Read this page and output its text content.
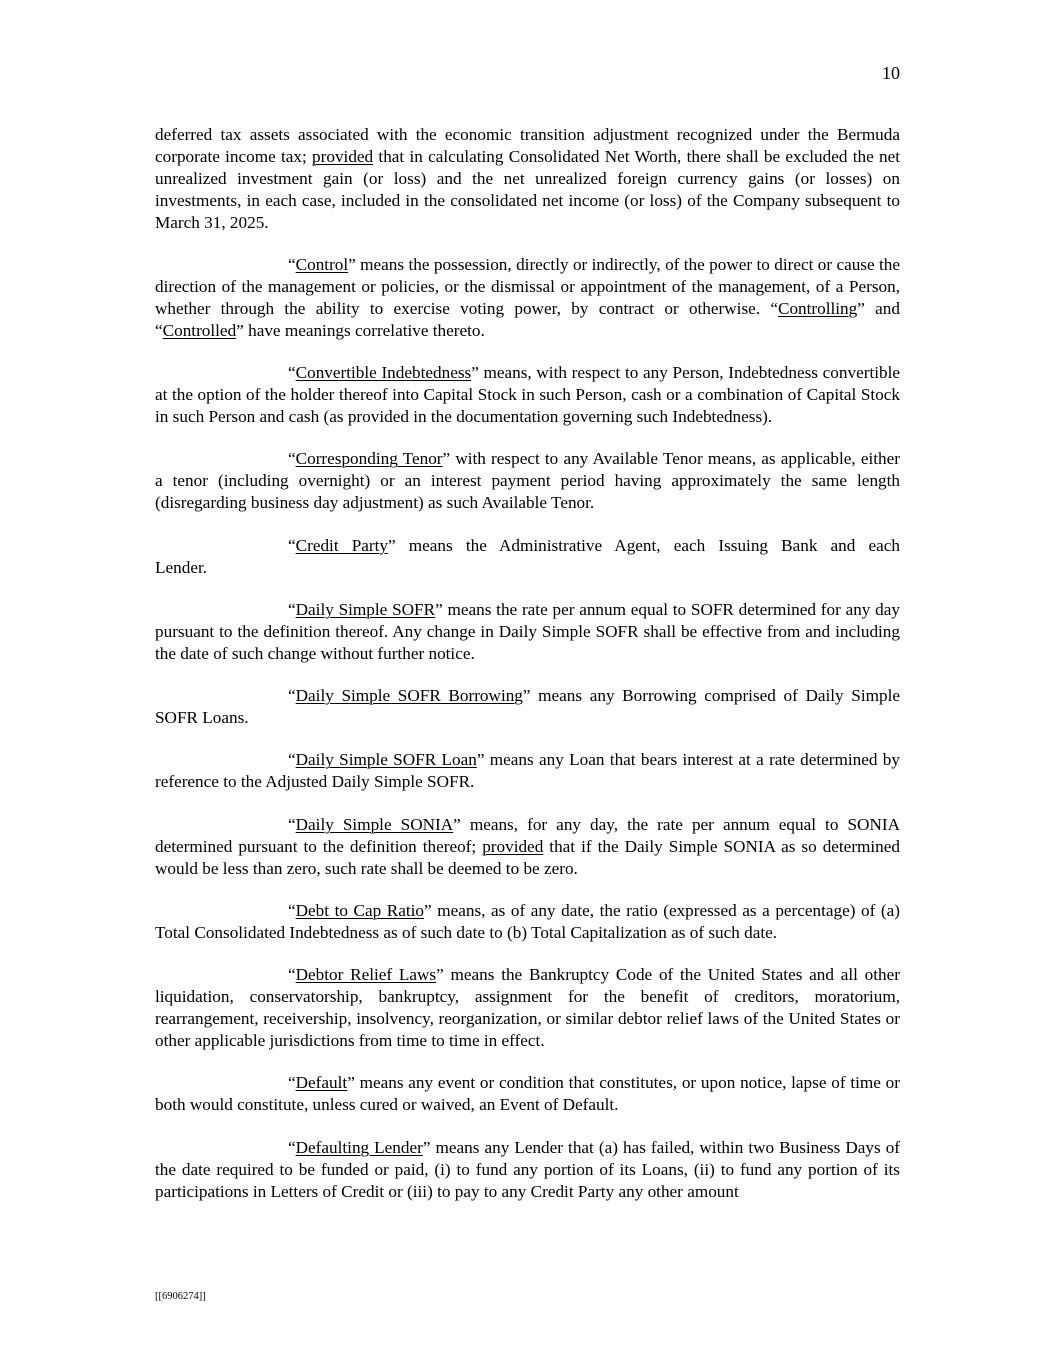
10

deferred tax assets associated with the economic transition adjustment recognized under the Bermuda corporate income tax; provided that in calculating Consolidated Net Worth, there shall be excluded the net unrealized investment gain (or loss) and the net unrealized foreign currency gains (or losses) on investments, in each case, included in the consolidated net income (or loss) of the Company subsequent to March 31, 2025.

“Control” means the possession, directly or indirectly, of the power to direct or cause the direction of the management or policies, or the dismissal or appointment of the management, of a Person, whether through the ability to exercise voting power, by contract or otherwise. “Controlling” and “Controlled” have meanings correlative thereto.

“Convertible Indebtedness” means, with respect to any Person, Indebtedness convertible at the option of the holder thereof into Capital Stock in such Person, cash or a combination of Capital Stock in such Person and cash (as provided in the documentation governing such Indebtedness).

“Corresponding Tenor” with respect to any Available Tenor means, as applicable, either a tenor (including overnight) or an interest payment period having approximately the same length (disregarding business day adjustment) as such Available Tenor.

“Credit Party” means the Administrative Agent, each Issuing Bank and each

Lender.

“Daily Simple SOFR” means the rate per annum equal to SOFR determined for any day pursuant to the definition thereof. Any change in Daily Simple SOFR shall be effective from and including the date of such change without further notice.

“Daily Simple SOFR Borrowing” means any Borrowing comprised of Daily Simple SOFR Loans.

“Daily Simple SOFR Loan” means any Loan that bears interest at a rate determined by reference to the Adjusted Daily Simple SOFR.

“Daily Simple SONIA” means, for any day, the rate per annum equal to SONIA determined pursuant to the definition thereof; provided that if the Daily Simple SONIA as so determined would be less than zero, such rate shall be deemed to be zero.

“Debt to Cap Ratio” means, as of any date, the ratio (expressed as a percentage) of (a) Total Consolidated Indebtedness as of such date to (b) Total Capitalization as of such date.

“Debtor Relief Laws” means the Bankruptcy Code of the United States and all other liquidation, conservatorship, bankruptcy, assignment for the benefit of creditors, moratorium, rearrangement, receivership, insolvency, reorganization, or similar debtor relief laws of the United States or other applicable jurisdictions from time to time in effect.

“Default” means any event or condition that constitutes, or upon notice, lapse of time or both would constitute, unless cured or waived, an Event of Default.

“Defaulting Lender” means any Lender that (a) has failed, within two Business Days of the date required to be funded or paid, (i) to fund any portion of its Loans, (ii) to fund any portion of its participations in Letters of Credit or (iii) to pay to any Credit Party any other amount

[[6906274]]
